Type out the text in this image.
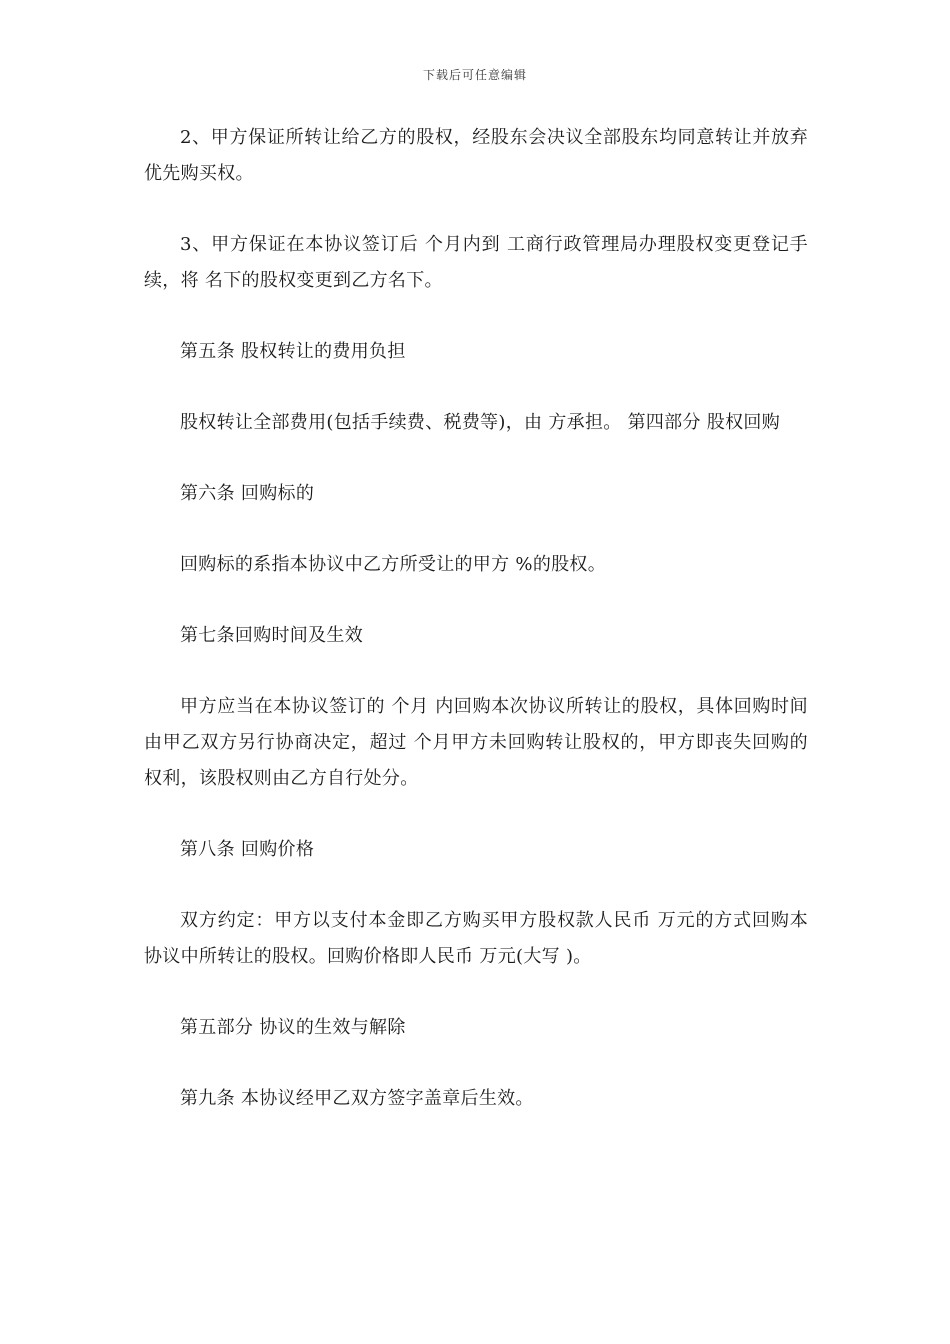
下载后可任意编辑

2、甲方保证所转让给乙方的股权，经股东会决议全部股东均同意转让并放弃优先购买权。

3、甲方保证在本协议签订后 个月内到 工商行政管理局办理股权变更登记手续，将 名下的股权变更到乙方名下。

第五条 股权转让的费用负担

股权转让全部费用(包括手续费、税费等)，由 方承担。 第四部分 股权回购

第六条 回购标的

回购标的系指本协议中乙方所受让的甲方 %的股权。

第七条回购时间及生效

甲方应当在本协议签订的 个月 内回购本次协议所转让的股权，具体回购时间由甲乙双方另行协商决定，超过 个月甲方未回购转让股权的，甲方即丧失回购的权利，该股权则由乙方自行处分。

第八条 回购价格

双方约定：甲方以支付本金即乙方购买甲方股权款人民币 万元的方式回购本协议中所转让的股权。回购价格即人民币 万元(大写 )。

第五部分 协议的生效与解除

第九条 本协议经甲乙双方签字盖章后生效。
